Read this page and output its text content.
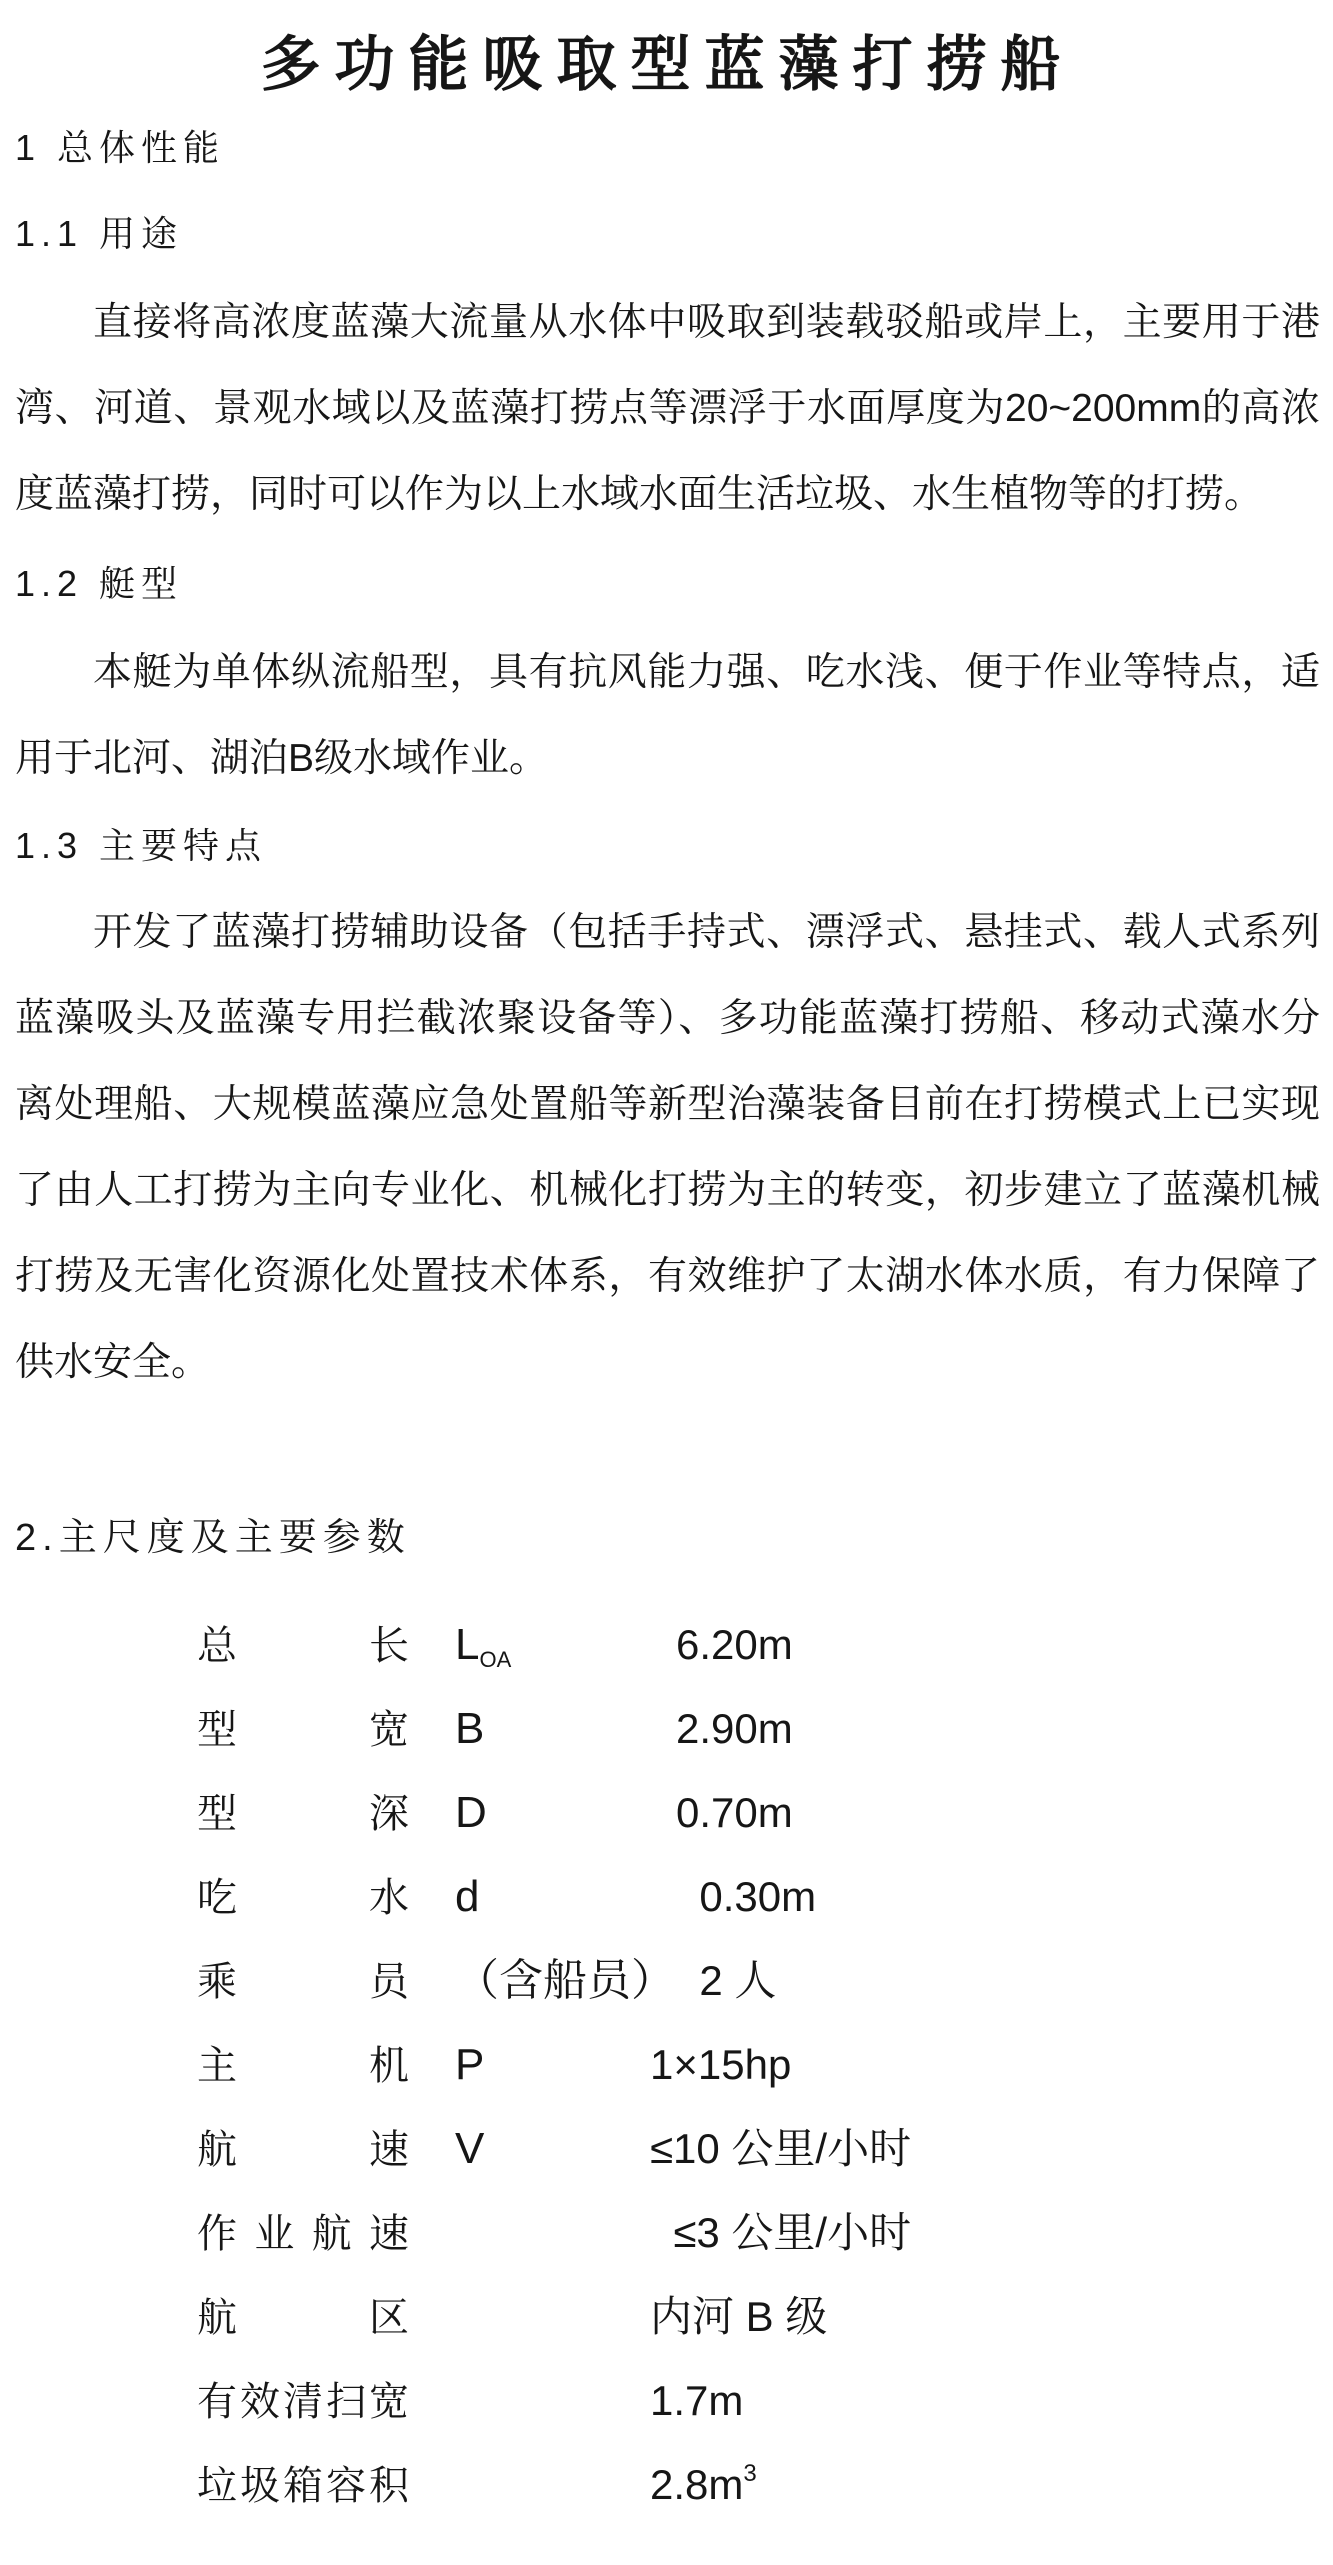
多功能吸取型蓝藻打捞船
1 总体性能
1.1 用途

直接将高浓度蓝藻大流量从水体中吸取到装载驳船或岸上，主要用于港湾、河道、景观水域以及蓝藻打捞点等漂浮于水面厚度为20~200mm的高浓度蓝藻打捞，同时可以作为以上水域水面生活垃圾、水生植物等的打捞。

1.2 艇型

本艇为单体纵流船型，具有抗风能力强、吃水浅、便于作业等特点，适用于北河、湖泊B级水域作业。

1.3 主要特点

开发了蓝藻打捞辅助设备（包括手持式、漂浮式、悬挂式、载人式系列蓝藻吸头及蓝藻专用拦截浓聚设备等）、多功能蓝藻打捞船、移动式藻水分离处理船、大规模蓝藻应急处置船等新型治藻装备目前在打捞模式上已实现了由人工打捞为主向专业化、机械化打捞为主的转变，初步建立了蓝藻机械打捞及无害化资源化处置技术体系，有效维护了太湖水体水质，有力保障了供水安全。

2.主尺度及主要参数
总长 $L_{OA}$	6.20m
型宽 B	2.90m
型深 D	0.70m
吃水 d	0.30m
乘员 （含船员） 2 人
主机 P	1×15hp
航速 V	≤10 公里/小时
作业航速	≤3 公里/小时
航区	内河 B 级
有效清扫宽	1.7m
垃圾箱容积	$2.8m^3$
